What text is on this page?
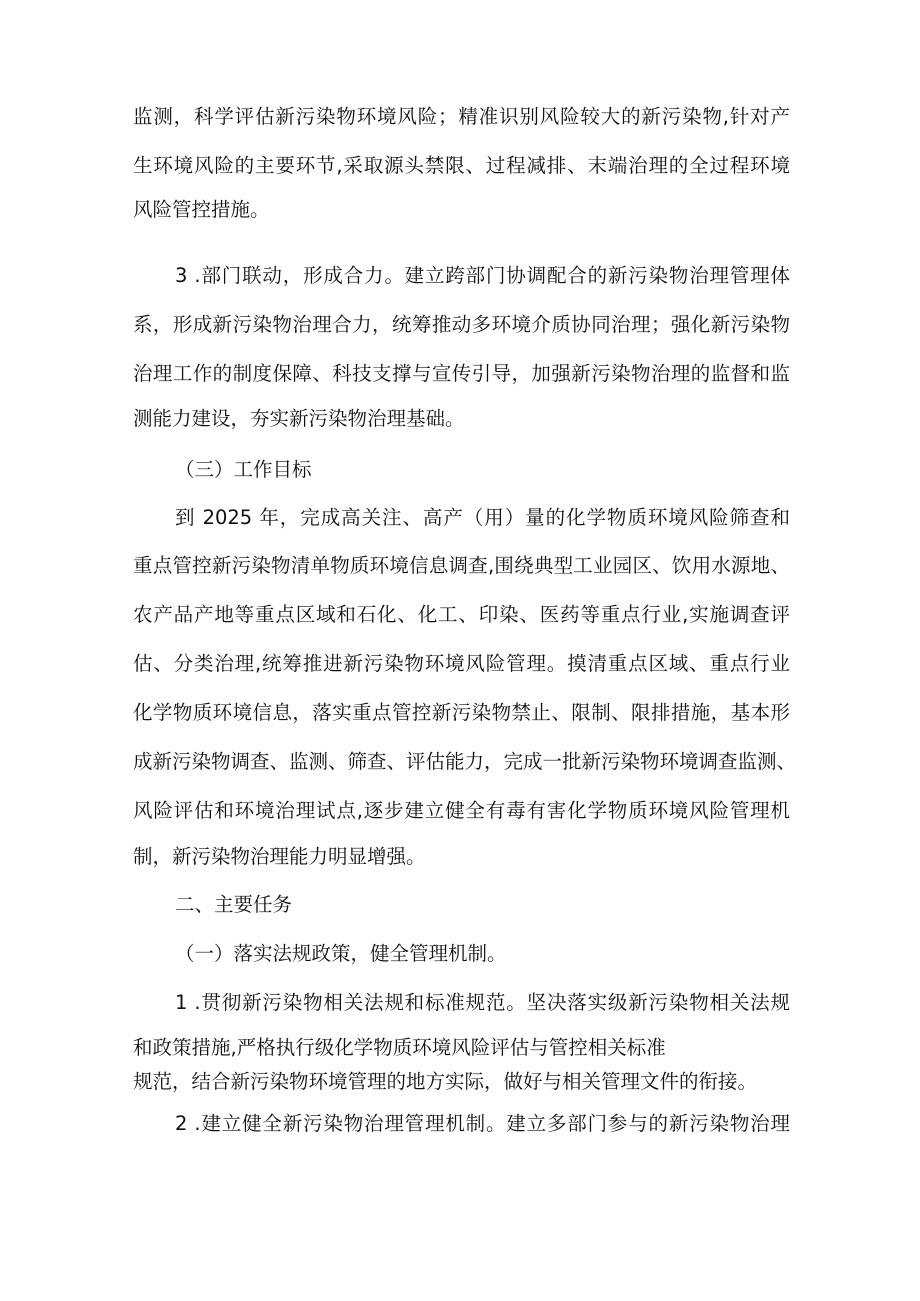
监测，科学评估新污染物环境风险；精准识别风险较大的新污染物,针对产
生环境风险的主要环节,采取源头禁限、过程减排、末端治理的全过程环境
风险管控措施。
3 .部门联动，形成合力。建立跨部门协调配合的新污染物治理管理体
系，形成新污染物治理合力，统筹推动多环境介质协同治理；强化新污染物
治理工作的制度保障、科技支撑与宣传引导，加强新污染物治理的监督和监
测能力建设，夯实新污染物治理基础。
（三）工作目标
到 2025 年，完成高关注、高产（用）量的化学物质环境风险筛查和
重点管控新污染物清单物质环境信息调查,围绕典型工业园区、饮用水源地、
农产品产地等重点区域和石化、化工、印染、医药等重点行业,实施调查评
估、分类治理,统筹推进新污染物环境风险管理。摸清重点区域、重点行业
化学物质环境信息，落实重点管控新污染物禁止、限制、限排措施，基本形
成新污染物调查、监测、筛查、评估能力，完成一批新污染物环境调查监测、
风险评估和环境治理试点,逐步建立健全有毒有害化学物质环境风险管理机
制，新污染物治理能力明显增强。
二、主要任务
（一）落实法规政策，健全管理机制。
1 .贯彻新污染物相关法规和标准规范。坚决落实级新污染物相关法规
和政策措施,严格执行级化学物质环境风险评估与管控相关标准
规范，结合新污染物环境管理的地方实际，做好与相关管理文件的衔接。
2 .建立健全新污染物治理管理机制。建立多部门参与的新污染物治理
